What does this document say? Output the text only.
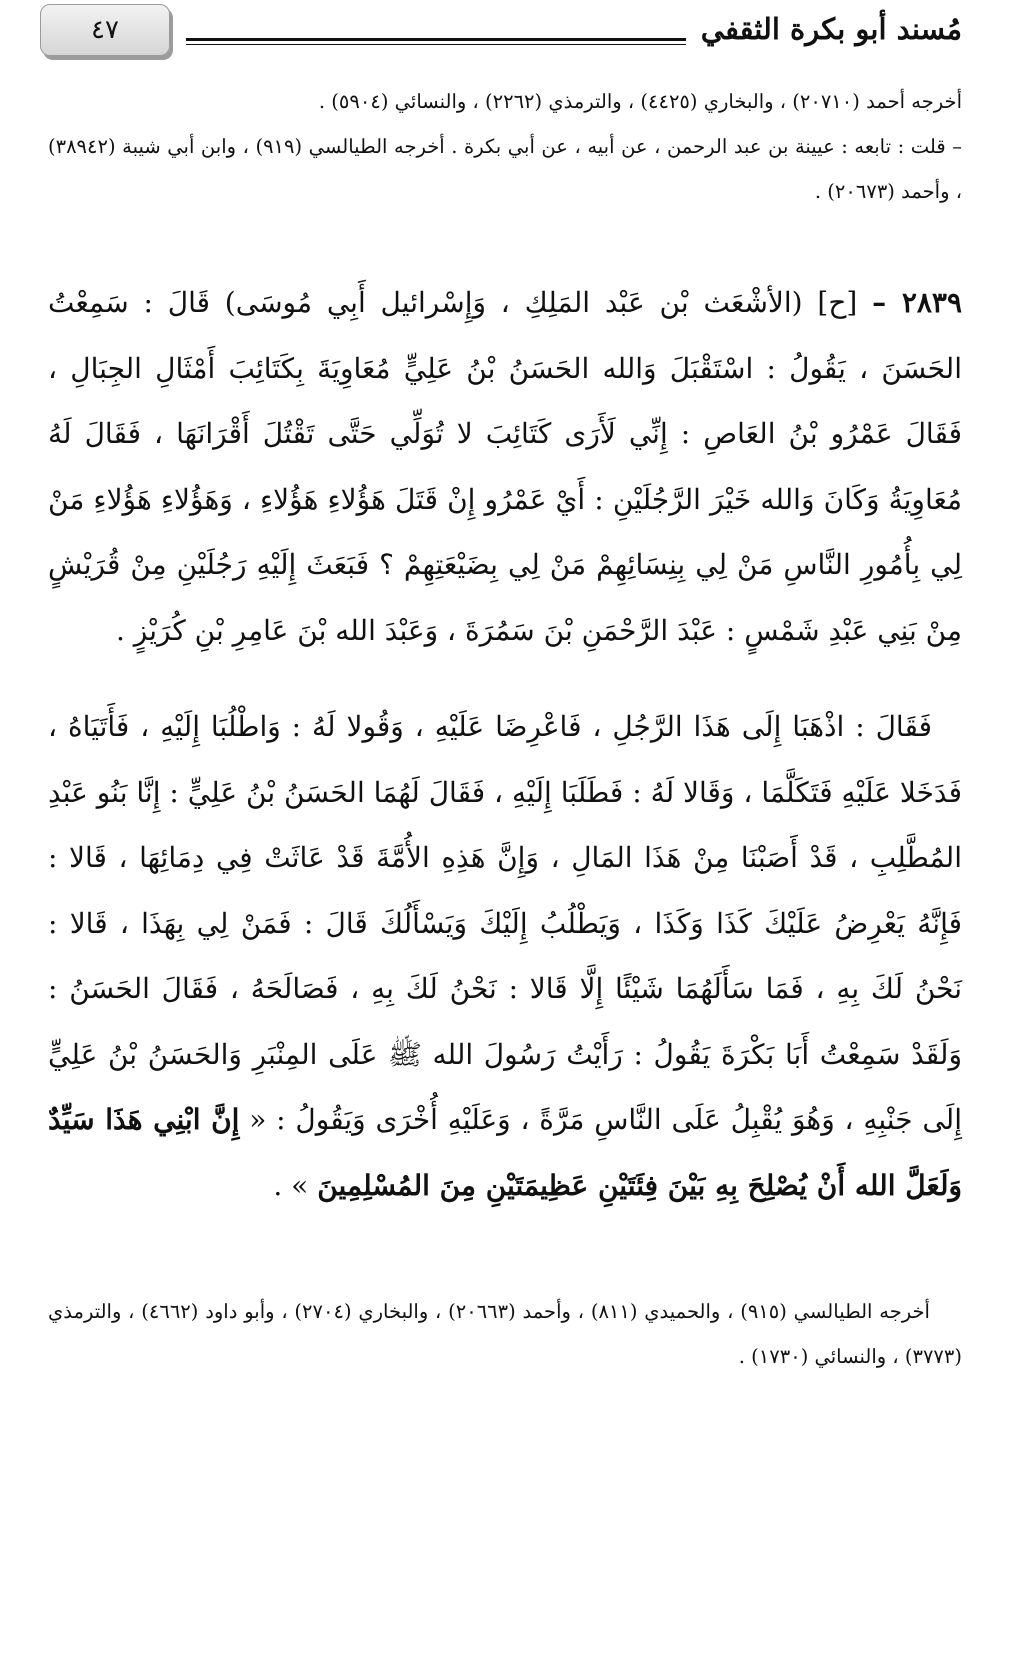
٤٧	مُسند أبو بكرة الثقفي
أخرجه أحمد (٢٠٧١٠) ، والبخاري (٤٤٢٥) ، والترمذي (٢٢٦٢) ، والنسائي (٥٩٠٤) .
– قلت : تابعه : عيينة بن عبد الرحمن ، عن أبيه ، عن أبي بكرة . أخرجه الطيالسي (٩١٩) ، وابن أبي شيبة (٣٨٩٤٢) ، وأحمد (٢٠٦٧٣) .
٢٨٣٩ – [ح] (الأشْعَث بْن عَبْد المَلِكِ ، وَإِسْرائيل أَبِي مُوسَى) قَالَ : سَمِعْتُ الحَسَنَ ، يَقُولُ : اسْتَقْبَلَ وَالله الحَسَنُ بْنُ عَلِيٍّ مُعَاوِيَةَ بِكَتَائِبَ أَمْثَالِ الجِبَالِ ، فَقَالَ عَمْرُو بْنُ العَاصِ : إِنِّي لَأَرَى كَتَائِبَ لا تُوَلِّي حَتَّى تَقْتُلَ أَقْرَانَهَا ، فَقَالَ لَهُ مُعَاوِيَةُ وَكَانَ وَالله خَيْرَ الرَّجُلَيْنِ : أَيْ عَمْرُو إِنْ قَتَلَ هَؤُلاءِ هَؤُلاءِ ، وَهَؤُلاءِ هَؤُلاءِ مَنْ لِي بِأُمُورِ النَّاسِ مَنْ لِي بِنِسَائِهِمْ مَنْ لِي بِضَيْعَتِهِمْ ؟ فَبَعَثَ إِلَيْهِ رَجُلَيْنِ مِنْ قُرَيْشٍ مِنْ بَنِي عَبْدِ شَمْسٍ : عَبْدَ الرَّحْمَنِ بْنَ سَمُرَةَ ، وَعَبْدَ الله بْنَ عَامِرِ بْنِ كُرَيْزٍ .
فَقَالَ : اذْهَبَا إِلَى هَذَا الرَّجُلِ ، فَاعْرِضَا عَلَيْهِ ، وَقُولا لَهُ : وَاطْلُبَا إِلَيْهِ ، فَأَتَيَاهُ ، فَدَخَلا عَلَيْهِ فَتَكَلَّمَا ، وَقَالا لَهُ : فَطَلَبَا إِلَيْهِ ، فَقَالَ لَهُمَا الحَسَنُ بْنُ عَلِيٍّ : إِنَّا بَنُو عَبْدِ المُطَّلِبِ ، قَدْ أَصَبْنَا مِنْ هَذَا المَالِ ، وَإِنَّ هَذِهِ الأُمَّةَ قَدْ عَاثَتْ فِي دِمَائِهَا ، قَالا : فَإِنَّهُ يَعْرِضُ عَلَيْكَ كَذَا وَكَذَا ، وَيَطْلُبُ إِلَيْكَ وَيَسْأَلُكَ قَالَ : فَمَنْ لِي بِهَذَا ، قَالا : نَحْنُ لَكَ بِهِ ، فَمَا سَأَلَهُمَا شَيْئًا إِلَّا قَالا : نَحْنُ لَكَ بِهِ ، فَصَالَحَهُ ، فَقَالَ الحَسَنُ : وَلَقَدْ سَمِعْتُ أَبَا بَكْرَةَ يَقُولُ : رَأَيْتُ رَسُولَ الله ﷺ عَلَى المِنْبَرِ وَالحَسَنُ بْنُ عَلِيٍّ إِلَى جَنْبِهِ ، وَهُوَ يُقْبِلُ عَلَى النَّاسِ مَرَّةً ، وَعَلَيْهِ أُخْرَى وَيَقُولُ : « إِنَّ ابْنِي هَذَا سَيِّدٌ وَلَعَلَّ الله أَنْ يُصْلِحَ بِهِ بَيْنَ فِئَتَيْنِ عَظِيمَتَيْنِ مِنَ المُسْلِمِينَ » .
أخرجه الطيالسي (٩١٥) ، والحميدي (٨١١) ، وأحمد (٢٠٦٦٣) ، والبخاري (٢٧٠٤) ، وأبو داود (٤٦٦٢) ، والترمذي (٣٧٧٣) ، والنسائي (١٧٣٠) .
